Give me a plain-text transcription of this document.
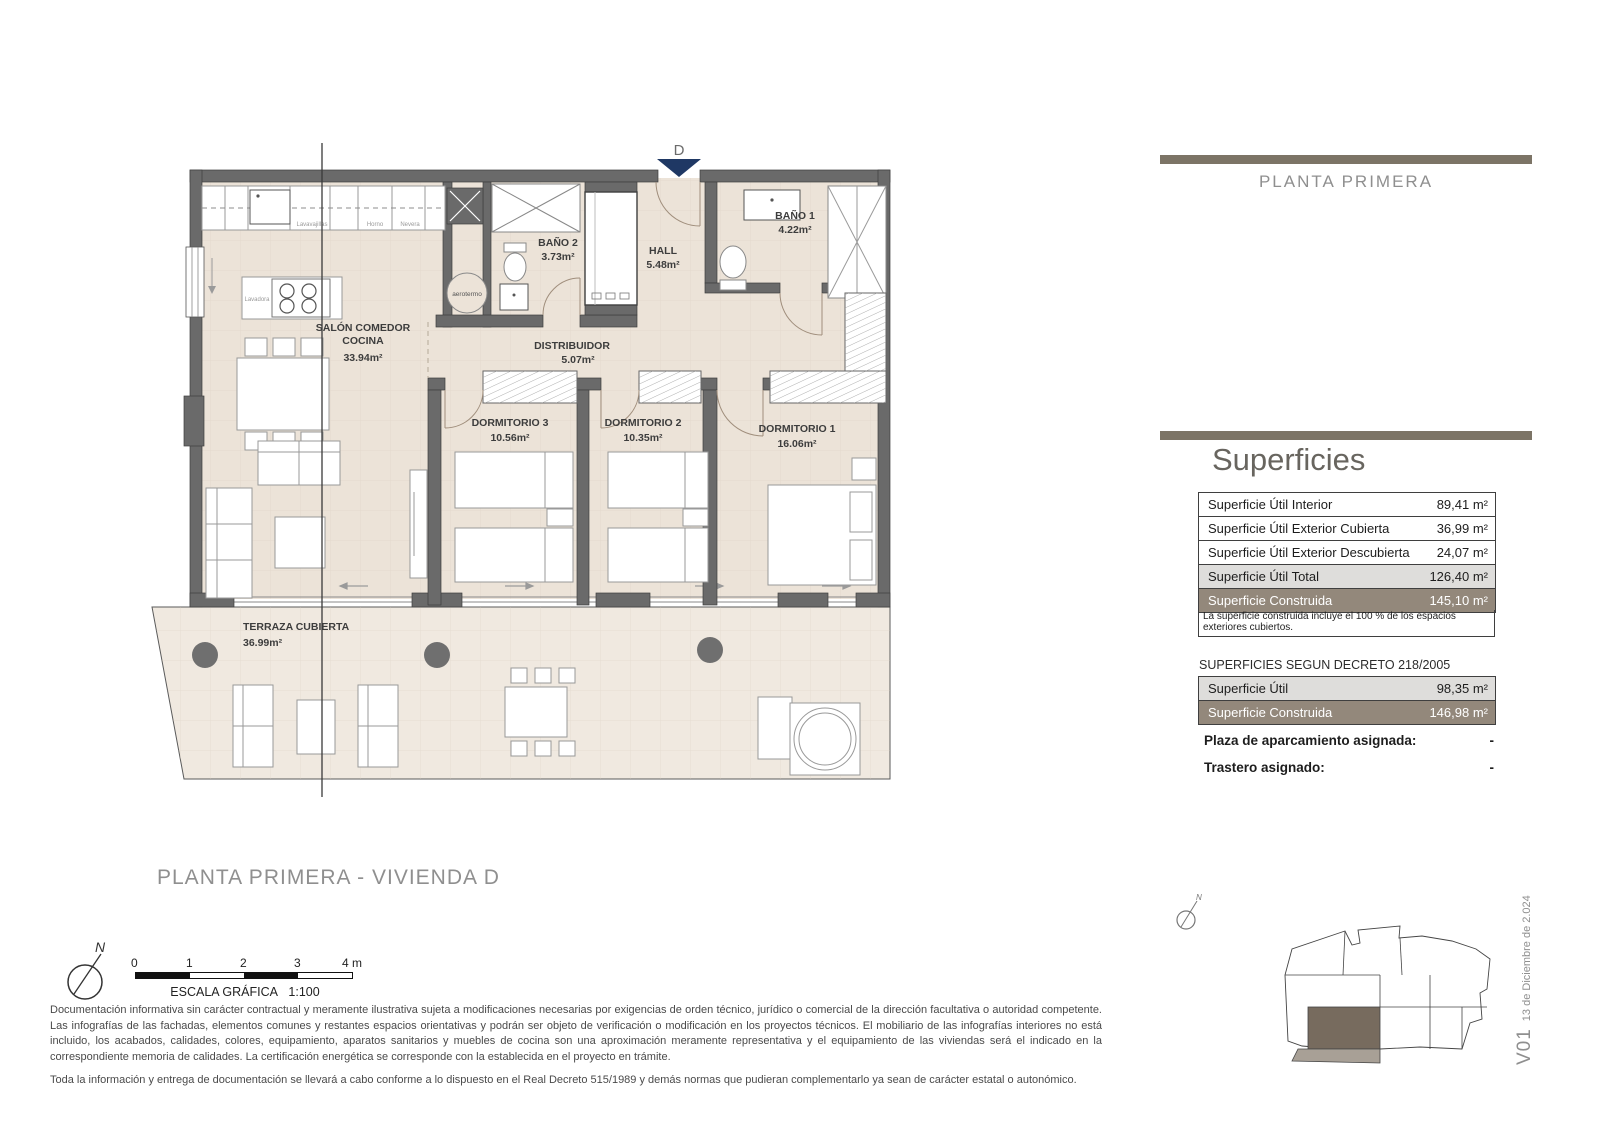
Lavavajillas	Horno	Nevera
Lavadora
aerotermo
D
SALÓN COMEDOR
COCINA
33.94m²
BAÑO 2
3.73m²	HALL
5.48m²
BAÑO 1
4.22m²
DISTRIBUIDOR
5.07m²
DORMITORIO 3
10.56m²
DORMITORIO 2
10.35m²
DORMITORIO 1
16.06m²
TERRAZA CUBIERTA
36.99m²
PLANTA PRIMERA
Superficies
Superficie Útil Interior	89,41 m²
Superficie Útil Exterior Cubierta	36,99 m²
Superficie Útil Exterior Descubierta	24,07 m²
Superficie Útil Total	126,40 m²
Superficie Construida	145,10 m²
La superficie construida incluye el 100 % de los espacios exteriores cubiertos.
SUPERFICIES SEGUN DECRETO 218/2005
Superficie Útil	98,35 m²
Superficie Construida	146,98 m²
Plaza de aparcamiento asignada:	-
Trastero asignado:	-
PLANTA PRIMERA - VIVIENDA D
N
0	1	2	3	4 m
ESCALA GRÁFICA 1:100

Documentación informativa sin carácter contractual y meramente ilustrativa sujeta a modificaciones necesarias por exigencias de orden técnico, jurídico o comercial de la dirección facultativa o autoridad competente. Las infografías de las fachadas, elementos comunes y restantes espacios orientativas y podrán ser objeto de verificación o modificación en los proyectos técnicos. El mobiliario de las infografías interiores no está incluido, los acabados, calidades, colores, equipamiento, aparatos sanitarios y muebles de cocina son una aproximación meramente representativa y el equipamiento de las viviendas será el indicado en la correspondiente memoria de calidades. La certificación energética se corresponde con la establecida en el proyecto en trámite.

Toda la información y entrega de documentación se llevará a cabo conforme a lo dispuesto en el Real Decreto 515/1989 y demás normas que pudieran complementarlo ya sean de carácter estatal o autonómico.

N
V0113 de Diciembre de 2.024
